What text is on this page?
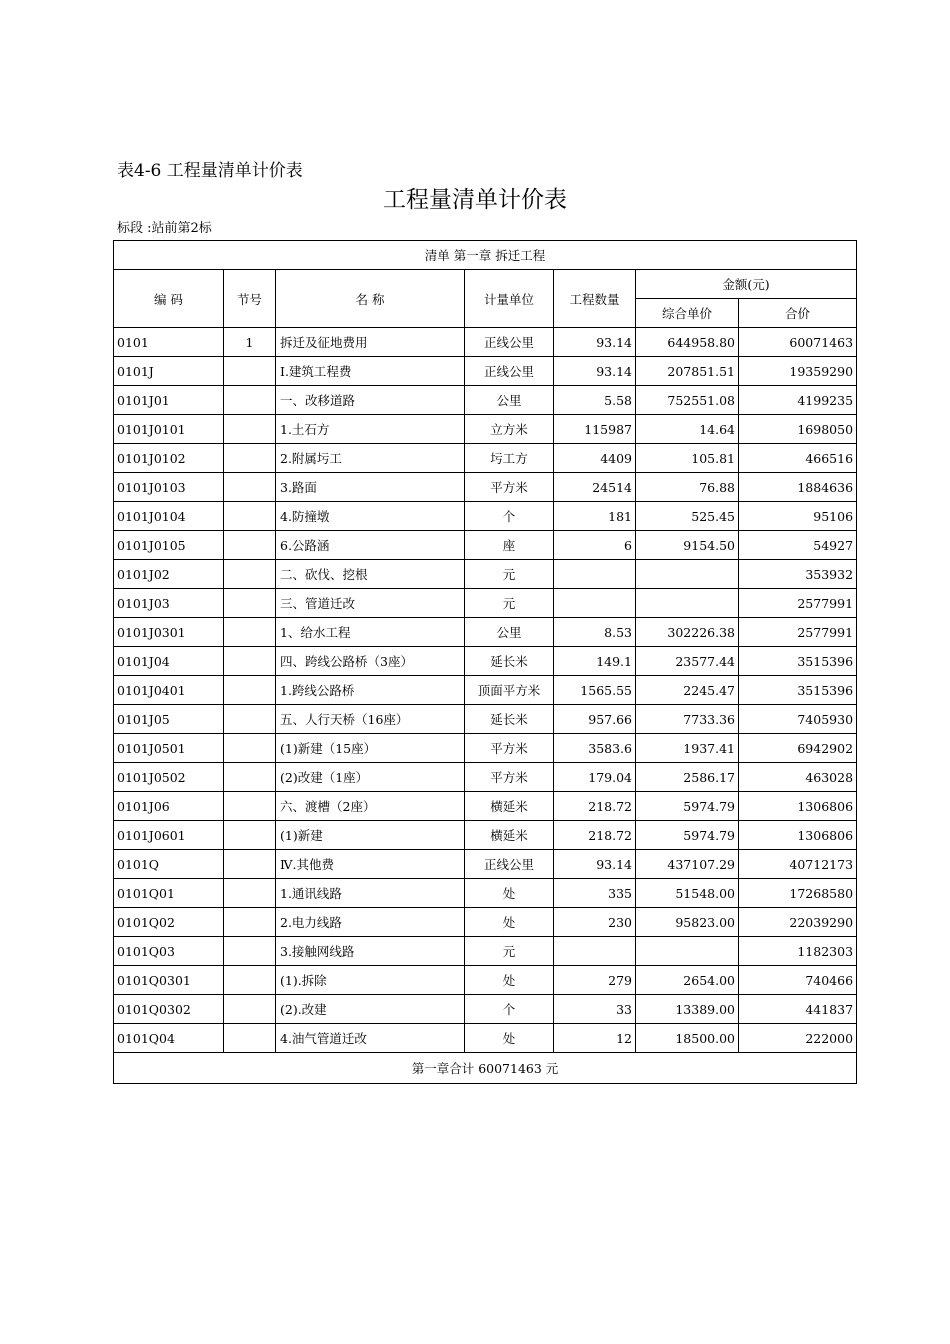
表4-6 工程量清单计价表
工程量清单计价表
标段 :站前第2标
清单 第一章 拆迁工程						
编 码	节号	名 称	计量单位	工程数量	金额(元)	
					综合单价	合价
0101	1	拆迁及征地费用	正线公里	93.14	644958.80	60071463
0101J		Ⅰ.建筑工程费	正线公里	93.14	207851.51	19359290
0101J01		一、改移道路	公里	5.58	752551.08	4199235
0101J0101		1.土石方	立方米	115987	14.64	1698050
0101J0102		2.附属圬工	圬工方	4409	105.81	466516
0101J0103		3.路面	平方米	24514	76.88	1884636
0101J0104		4.防撞墩	个	181	525.45	95106
0101J0105		6.公路涵	座	6	9154.50	54927
0101J02		二、砍伐、挖根	元			353932
0101J03		三、管道迁改	元			2577991
0101J0301		1、给水工程	公里	8.53	302226.38	2577991
0101J04		四、跨线公路桥（3座）	延长米	149.1	23577.44	3515396
0101J0401		1.跨线公路桥	顶面平方米	1565.55	2245.47	3515396
0101J05		五、人行天桥（16座）	延长米	957.66	7733.36	7405930
0101J0501		(1)新建（15座）	平方米	3583.6	1937.41	6942902
0101J0502		(2)改建（1座）	平方米	179.04	2586.17	463028
0101J06		六、渡槽（2座）	横延米	218.72	5974.79	1306806
0101J0601		(1)新建	横延米	218.72	5974.79	1306806
0101Q		Ⅳ.其他费	正线公里	93.14	437107.29	40712173
0101Q01		1.通讯线路	处	335	51548.00	17268580
0101Q02		2.电力线路	处	230	95823.00	22039290
0101Q03		3.接触网线路	元			1182303
0101Q0301		(1).拆除	处	279	2654.00	740466
0101Q0302		(2).改建	个	33	13389.00	441837
0101Q04		4.油气管道迁改	处	12	18500.00	222000
第一章合计 60071463 元						
